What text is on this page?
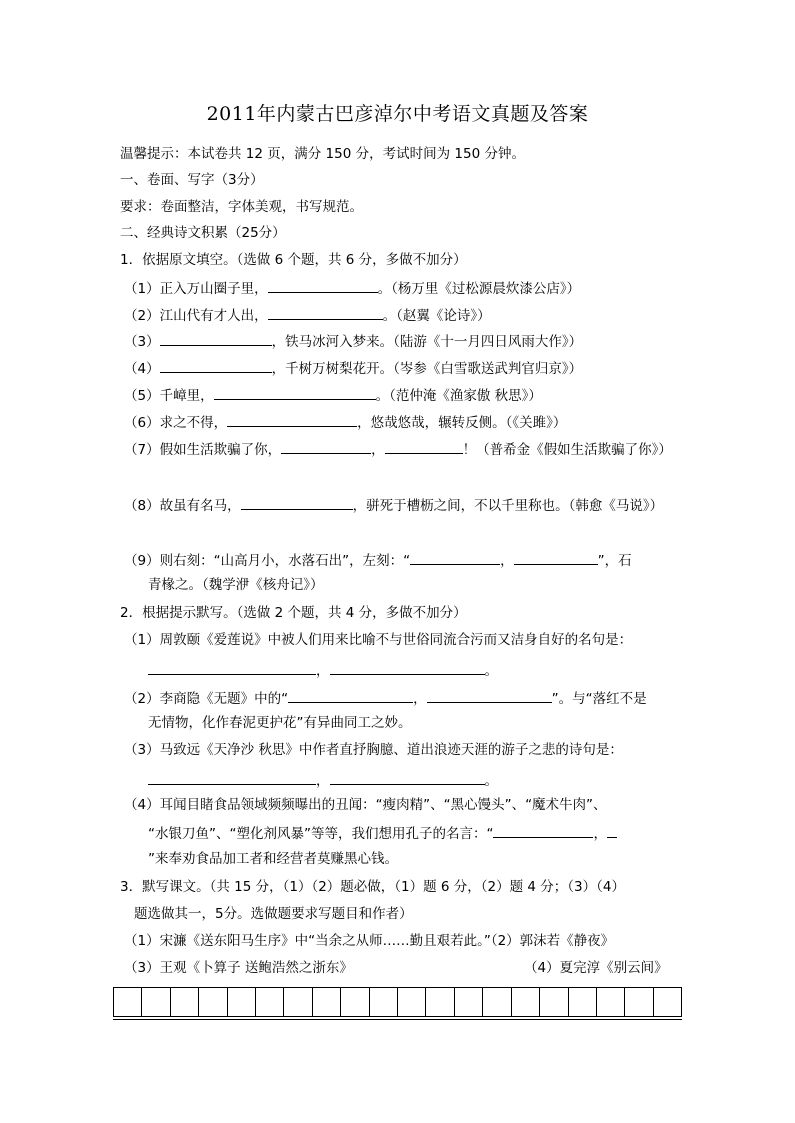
2011年内蒙古巴彦淖尔中考语文真题及答案
温馨提示：本试卷共 12 页，满分 150 分，考试时间为 150 分钟。
一、卷面、写字（3分）
要求：卷面整洁，字体美观，书写规范。
二、经典诗文积累（25分）
1．依据原文填空。（选做 6 个题，共 6 分，多做不加分）
（1）正入万山圈子里，	。（杨万里《过松源晨炊漆公店》）
（2）江山代有才人出，	。（赵翼《论诗》）
（3）	，铁马冰河入梦来。（陆游《十一月四日风雨大作》）
（4）	，千树万树梨花开。（岑参《白雪歌送武判官归京》）
（5）千嶂里，	。（范仲淹《渔家傲 秋思》）
（6）求之不得，	，悠哉悠哉，辗转反侧。（《关雎》）
（7）假如生活欺骗了你，	，	！（普希金《假如生活欺骗了你》）
（8）故虽有名马，	，骈死于槽枥之间，不以千里称也。（韩愈《马说》）
（9）则右刻：“山高月小，水落石出”，左刻：“	，	”，石
青椽之。（魏学洢《核舟记》）
2．根据提示默写。（选做 2 个题，共 4 分，多做不加分）
（1）周敦颐《爱莲说》中被人们用来比喻不与世俗同流合污而又洁身自好的名句是：
，	。
（2）李商隐《无题》中的“	，	”。与“落红不是
无情物，化作春泥更护花”有异曲同工之妙。
（3）马致远《天净沙 秋思》中作者直抒胸臆、道出浪迹天涯的游子之悲的诗句是：
，	。
（4）耳闻目睹食品领域频频曝出的丑闻：“瘦肉精”、“黑心馒头”、“魔术牛肉”、
“水银刀鱼”、“塑化剂风暴”等等，我们想用孔子的名言：“	，
”来奉劝食品加工者和经营者莫赚黑心钱。
3．默写课文。（共 15 分，（1）（2）题必做，（1）题 6 分，（2）题 4 分；（3）（4）
题选做其一，5分。选做题要求写题目和作者）
（1）宋濂《送东阳马生序》中“当余之从师……勤且艰若此。”（2）郭沫若《静夜》
（3）王观《卜算子 送鲍浩然之浙东》	（4）夏完淳《别云间》
